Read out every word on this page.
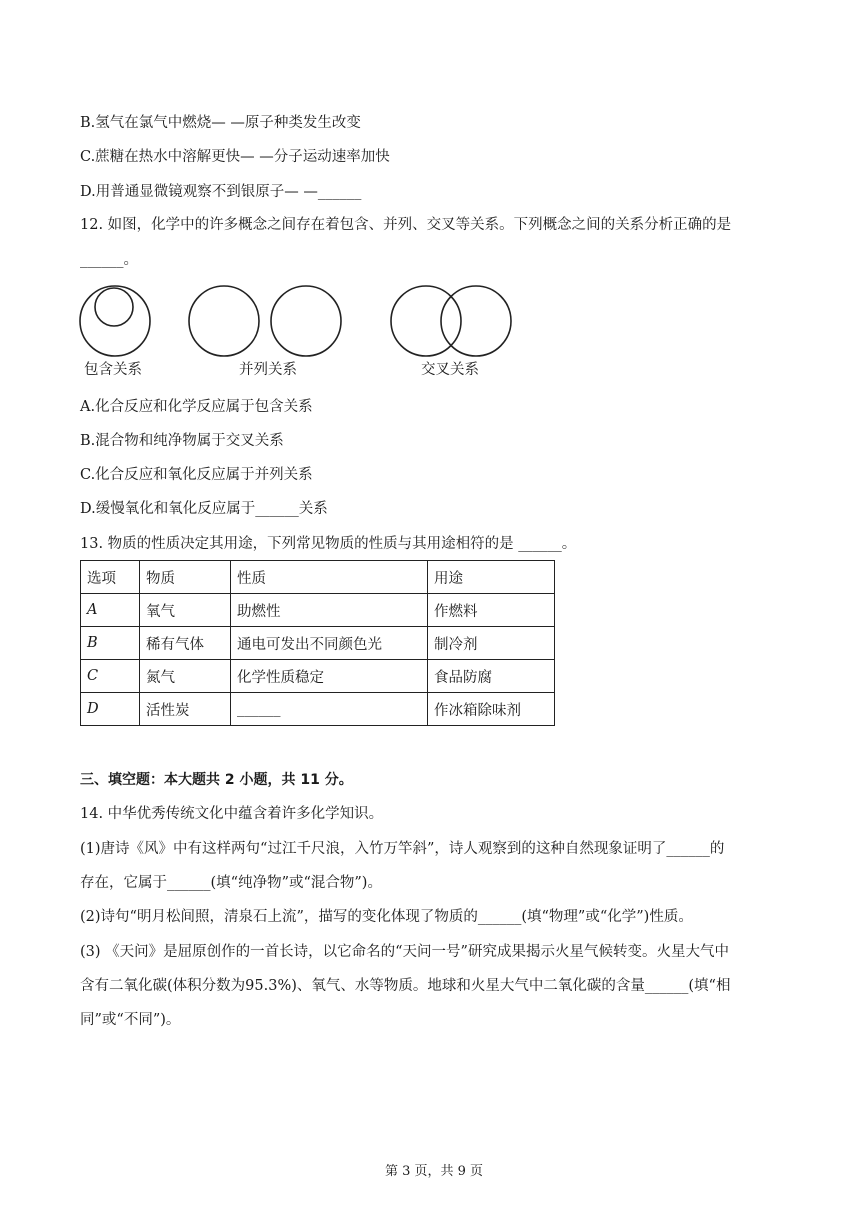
B.氢气在氯气中燃烧— —原子种类发生改变
C.蔗糖在热水中溶解更快— —分子运动速率加快
D.用普通显微镜观察不到银原子— —______
12. 如图，化学中的许多概念之间存在着包含、并列、交叉等关系。下列概念之间的关系分析正确的是
______。
包含关系	并列关系	交叉关系
A.化合反应和化学反应属于包含关系
B.混合物和纯净物属于交叉关系
C.化合反应和氧化反应属于并列关系
D.缓慢氧化和氧化反应属于______关系
13. 物质的性质决定其用途，下列常见物质的性质与其用途相符的是 ______。
选项	物质	性质	用途
A	氧气	助燃性	作燃料
B	稀有气体	通电可发出不同颜色光	制冷剂
C	氮气	化学性质稳定	食品防腐
D	活性炭	______	作冰箱除味剂
三、填空题：本大题共 2 小题，共 11 分。
14. 中华优秀传统文化中蕴含着许多化学知识。
(1)唐诗《风》中有这样两句“过江千尺浪，入竹万竿斜”，诗人观察到的这种自然现象证明了______的
存在，它属于______(填“纯净物”或“混合物”)。
(2)诗句“明月松间照，清泉石上流”，描写的变化体现了物质的______(填“物理”或“化学”)性质。
(3) 《天问》是屈原创作的一首长诗，以它命名的“天问一号”研究成果揭示火星气候转变。火星大气中
含有二氧化碳(体积分数为95.3%)、氧气、水等物质。地球和火星大气中二氧化碳的含量______(填“相
同”或“不同”)。
第 3 页，共 9 页
